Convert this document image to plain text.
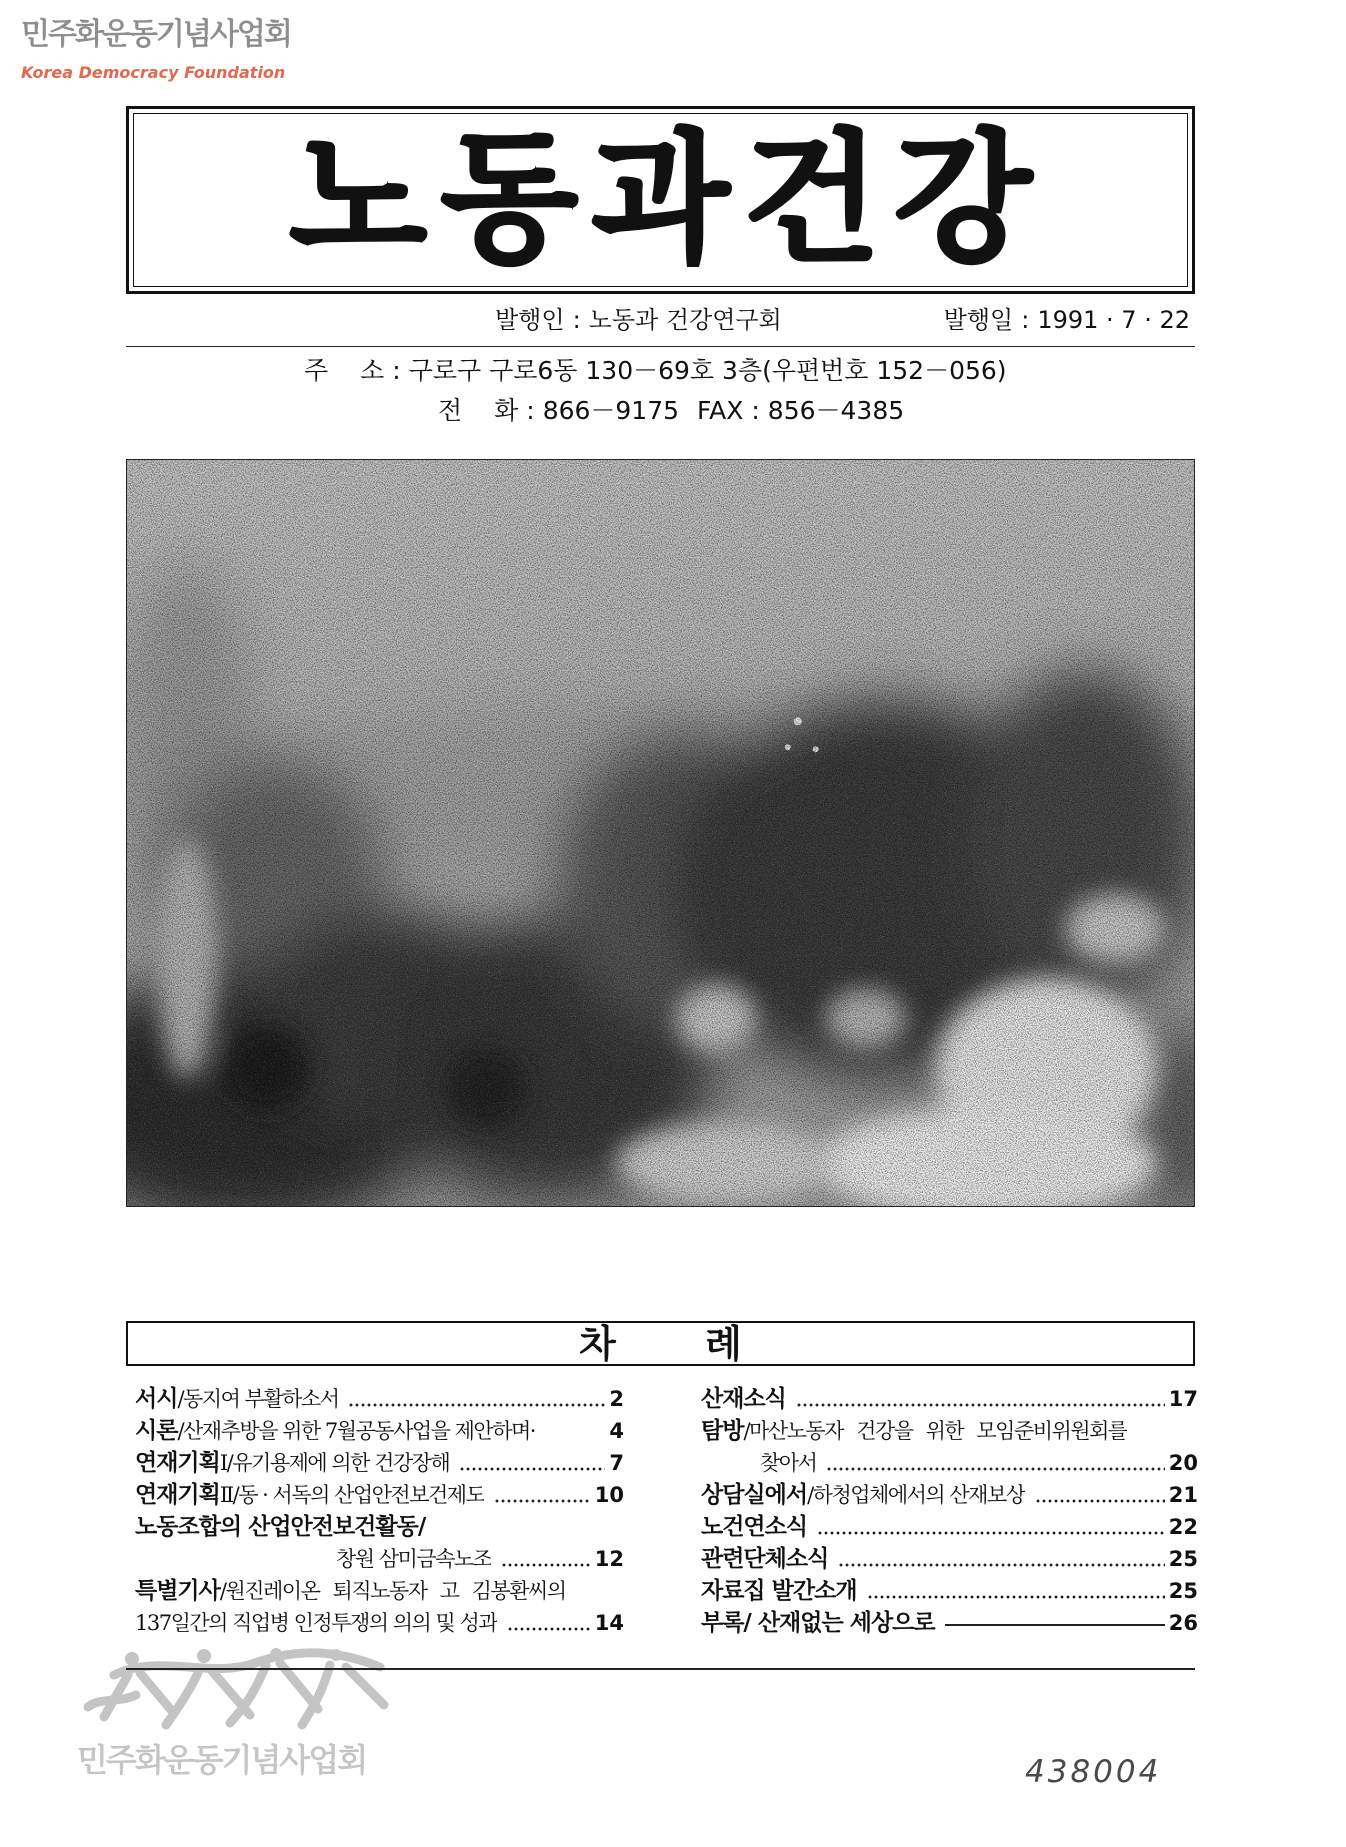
민주화운동기념사업회
Korea Democracy Foundation
노동과건강
발행인 : 노동과 건강연구회	발행일 : 1991 · 7 · 22
주 소 : 구로구 구로6동 130－69호 3층(우편번호 152－056)
전 화 : 866－9175 FAX : 856－4385
차 례
서시 /동지여 부활하소서	2
시론 /산재추방을 위한 7월공동사업을 제안하며·	4
연재기획 Ⅰ/유기용제에 의한 건강장해	7
연재기획 Ⅱ/동 · 서독의 산업안전보건제도	10
노동조합의 산업안전보건활동/
창원 삼미금속노조	12
특별기사 /원진레이온 퇴직노동자 고 김봉환씨의
137일간의 직업병 인정투쟁의 의의 및 성과	14
산재소식	17
탐방 /마산노동자 건강을 위한 모임준비위원회를
찾아서	20
상담실에서 /하청업체에서의 산재보상	21
노건연소식	22
관련단체소식	25
자료집 발간소개	25
부록/ 산재없는 세상으로	26
민주화운동기념사업회	438004
